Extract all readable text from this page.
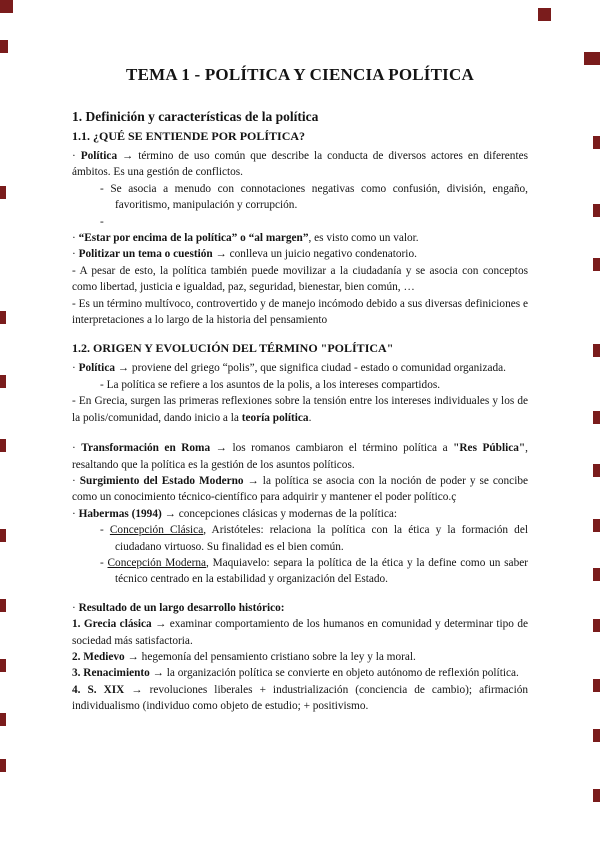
TEMA 1 - POLÍTICA Y CIENCIA POLÍTICA
1. Definición y características de la política
1.1. ¿QUÉ SE ENTIENDE POR POLÍTICA?
· Política → término de uso común que describe la conducta de diversos actores en diferentes ámbitos. Es una gestión de conflictos.
- Se asocia a menudo con connotaciones negativas como confusión, división, engaño, favoritismo, manipulación y corrupción.
-
· “Estar por encima de la política” o “al margen”, es visto como un valor.
· Politizar un tema o cuestión → conlleva un juicio negativo condenatorio.
- A pesar de esto, la política también puede movilizar a la ciudadanía y se asocia con conceptos como libertad, justicia e igualdad, paz, seguridad, bienestar, bien común, …
- Es un término multívoco, controvertido y de manejo incómodo debido a sus diversas definiciones e interpretaciones a lo largo de la historia del pensamiento
1.2. ORIGEN Y EVOLUCIÓN DEL TÉRMINO "POLÍTICA"
· Política → proviene del griego “polis”, que significa ciudad - estado o comunidad organizada.
- La política se refiere a los asuntos de la polis, a los intereses compartidos.
- En Grecia, surgen las primeras reflexiones sobre la tensión entre los intereses individuales y los de la polis/comunidad, dando inicio a la teoría política.
· Transformación en Roma → los romanos cambiaron el término política a "Res Pública", resaltando que la política es la gestión de los asuntos políticos.
· Surgimiento del Estado Moderno → la política se asocia con la noción de poder y se concibe como un conocimiento técnico-científico para adquirir y mantener el poder político.ç
· Habermas (1994) → concepciones clásicas y modernas de la política:
- Concepción Clásica, Aristóteles: relaciona la política con la ética y la formación del ciudadano virtuoso. Su finalidad es el bien común.
- Concepción Moderna, Maquiavelo: separa la política de la ética y la define como un saber técnico centrado en la estabilidad y organización del Estado.
· Resultado de un largo desarrollo histórico:
1. Grecia clásica → examinar comportamiento de los humanos en comunidad y determinar tipo de sociedad más satisfactoria.
2. Medievo → hegemonía del pensamiento cristiano sobre la ley y la moral.
3. Renacimiento → la organización política se convierte en objeto autónomo de reflexión política.
4. S. XIX → revoluciones liberales + industrialización (conciencia de cambio); afirmación individualismo (individuo como objeto de estudio; + positivismo.
